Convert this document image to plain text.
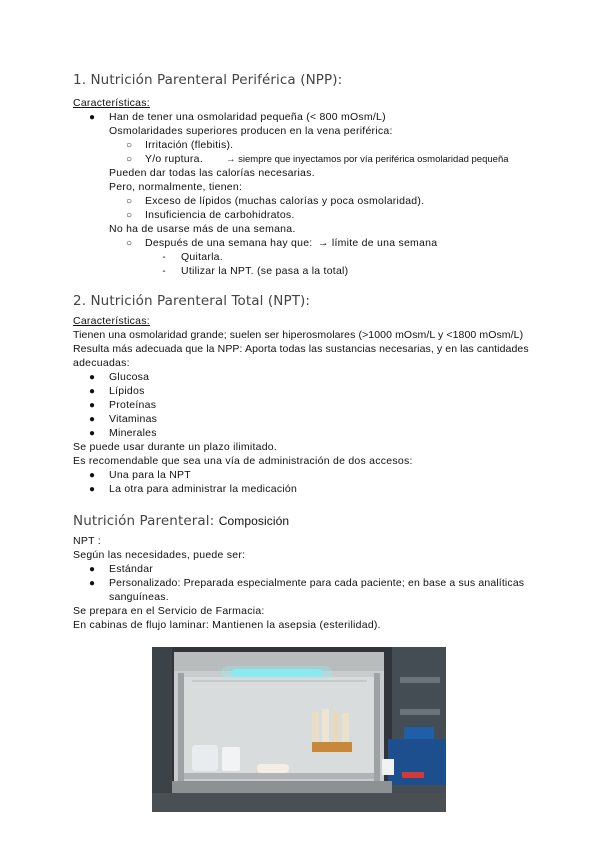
1. Nutrición Parenteral Periférica (NPP):
Características:
● Han de tener una osmolaridad pequeña (< 800 mOsm/L)
Osmolaridades superiores producen en la vena periférica:
○ Irritación (flebitis).
○ Y/o ruptura. → siempre que inyectamos por vía periférica osmolaridad pequeña
Pueden dar todas las calorías necesarias.
Pero, normalmente, tienen:
○ Exceso de lípidos (muchas calorías y poca osmolaridad).
○ Insuficiencia de carbohidratos.
No ha de usarse más de una semana.
○ Después de una semana hay que: → límite de una semana
-	Quitarla.
-	Utilizar la NPT. (se pasa a la total)
2. Nutrición Parenteral Total (NPT):
Características:
Tienen una osmolaridad grande; suelen ser hiperosmolares (>1000 mOsm/L y <1800 mOsm/L)
Resulta más adecuada que la NPP: Aporta todas las sustancias necesarias, y en las cantidades
adecuadas:
● Glucosa
● Lípidos
● Proteínas
● Vitaminas
● Minerales
Se puede usar durante un plazo ilimitado.
Es recomendable que sea una vía de administración de dos accesos:
● Una para la NPT
● La otra para administrar la medicación
Nutrición Parenteral: Composición
NPT :
Según las necesidades, puede ser:
● Estándar
● Personalizado: Preparada especialmente para cada paciente; en base a sus analíticas
sanguíneas.
Se prepara en el Servicio de Farmacia:
En cabinas de flujo laminar: Mantienen la asepsia (esterilidad).
